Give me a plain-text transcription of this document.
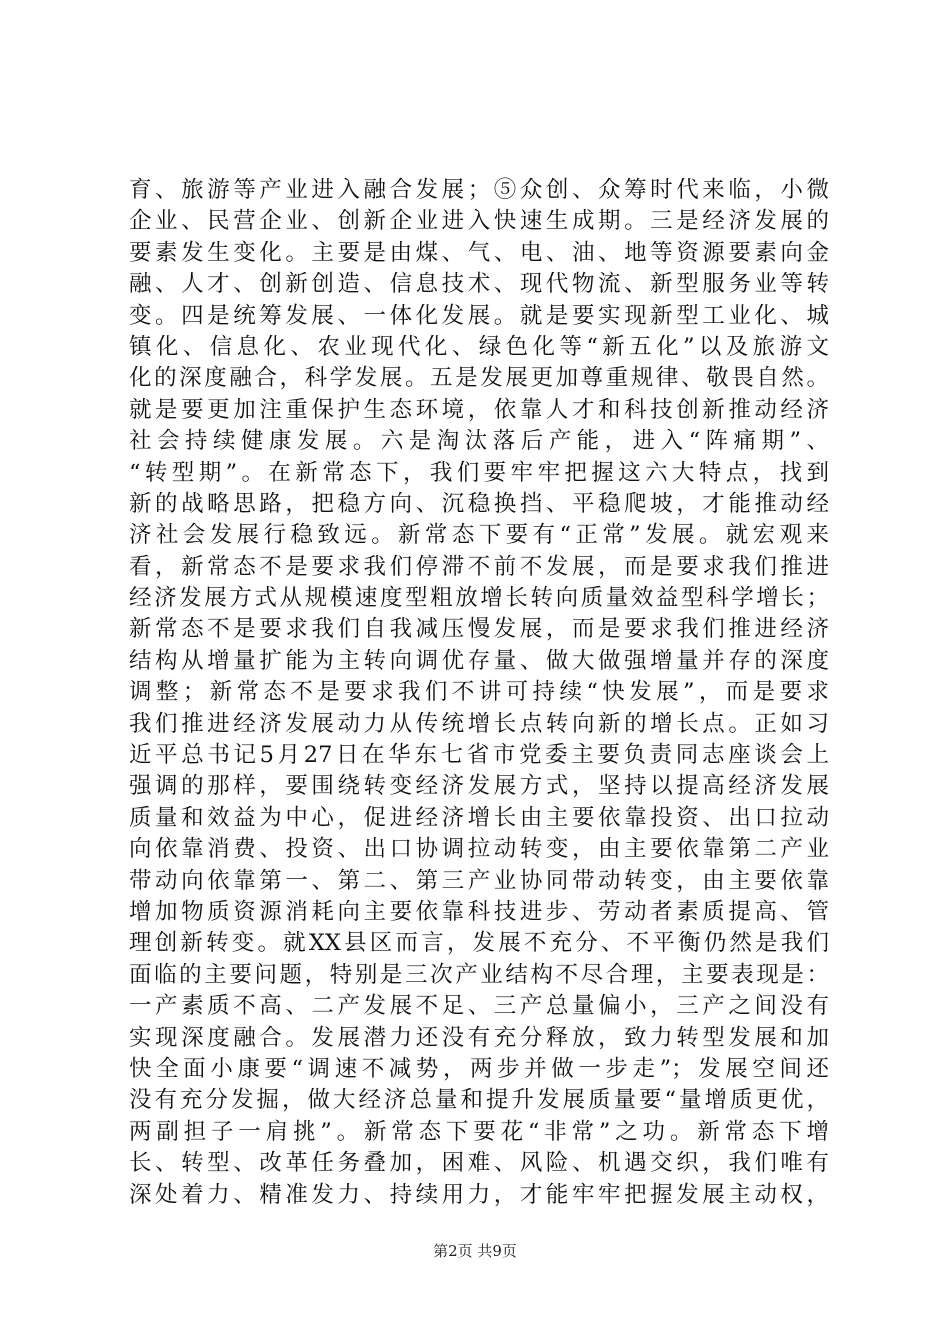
育、旅游等产业进入融合发展；⑤众创、众筹时代来临，小微
企业、民营企业、创新企业进入快速生成期。三是经济发展的
要素发生变化。主要是由煤、气、电、油、地等资源要素向金
融、人才、创新创造、信息技术、现代物流、新型服务业等转
变。四是统筹发展、一体化发展。就是要实现新型工业化、城
镇化、信息化、农业现代化、绿色化等“新五化”以及旅游文
化的深度融合，科学发展。五是发展更加尊重规律、敬畏自然。
就是要更加注重保护生态环境，依靠人才和科技创新推动经济
社会持续健康发展。六是淘汰落后产能，进入“阵痛期”、
“转型期”。在新常态下，我们要牢牢把握这六大特点，找到
新的战略思路，把稳方向、沉稳换挡、平稳爬坡，才能推动经
济社会发展行稳致远。新常态下要有“正常”发展。就宏观来
看，新常态不是要求我们停滞不前不发展，而是要求我们推进
经济发展方式从规模速度型粗放增长转向质量效益型科学增长；
新常态不是要求我们自我减压慢发展，而是要求我们推进经济
结构从增量扩能为主转向调优存量、做大做强增量并存的深度
调整；新常态不是要求我们不讲可持续“快发展”，而是要求
我们推进经济发展动力从传统增长点转向新的增长点。正如习
近平总书记5月27日在华东七省市党委主要负责同志座谈会上
强调的那样，要围绕转变经济发展方式，坚持以提高经济发展
质量和效益为中心，促进经济增长由主要依靠投资、出口拉动
向依靠消费、投资、出口协调拉动转变，由主要依靠第二产业
带动向依靠第一、第二、第三产业协同带动转变，由主要依靠
增加物质资源消耗向主要依靠科技进步、劳动者素质提高、管
理创新转变。就XX县区而言，发展不充分、不平衡仍然是我们
面临的主要问题，特别是三次产业结构不尽合理，主要表现是：
一产素质不高、二产发展不足、三产总量偏小，三产之间没有
实现深度融合。发展潜力还没有充分释放，致力转型发展和加
快全面小康要“调速不减势，两步并做一步走”；发展空间还
没有充分发掘，做大经济总量和提升发展质量要“量增质更优，
两副担子一肩挑”。新常态下要花“非常”之功。新常态下增
长、转型、改革任务叠加，困难、风险、机遇交织，我们唯有
深处着力、精准发力、持续用力，才能牢牢把握发展主动权，
第2页 共9页
